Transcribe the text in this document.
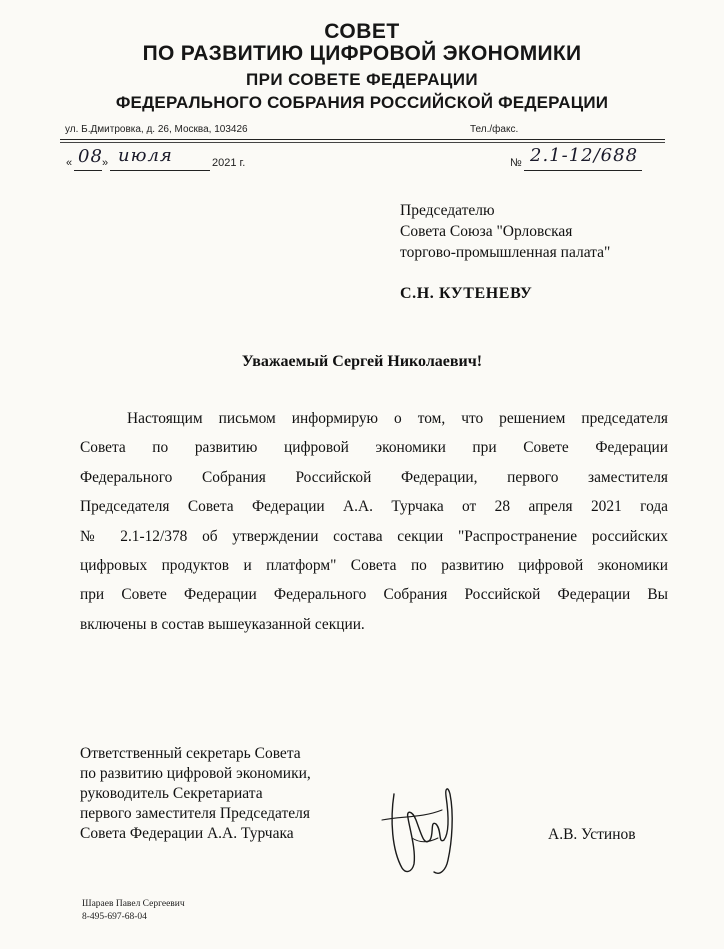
СОВЕТ
ПО РАЗВИТИЮ ЦИФРОВОЙ ЭКОНОМИКИ
ПРИ СОВЕТЕ ФЕДЕРАЦИИ
ФЕДЕРАЛЬНОГО СОБРАНИЯ РОССИЙСКОЙ ФЕДЕРАЦИИ
ул. Б.Дмитровка, д. 26, Москва, 103426	Тел./факс.
« 08 » июля	2021 г.	№ 2.1-12/688
Председателю
Совета Союза "Орловская
торгово-промышленная палата"
С.Н. КУТЕНЕВУ
Уважаемый Сергей Николаевич!
Настоящим письмом информирую о том, что решением председателя
Совета по развитию цифровой экономики при Совете Федерации
Федерального Собрания Российской Федерации, первого заместителя
Председателя Совета Федерации А.А. Турчака от 28 апреля 2021 года
№ 2.1-12/378 об утверждении состава секции "Распространение российских
цифровых продуктов и платформ" Совета по развитию цифровой экономики
при Совете Федерации Федерального Собрания Российской Федерации Вы
включены в состав вышеуказанной секции.
Ответственный секретарь Совета
по развитию цифровой экономики,
руководитель Секретариата
первого заместителя Председателя
Совета Федерации А.А. Турчака	А.В. Устинов
Шараев Павел Сергеевич
8-495-697-68-04
